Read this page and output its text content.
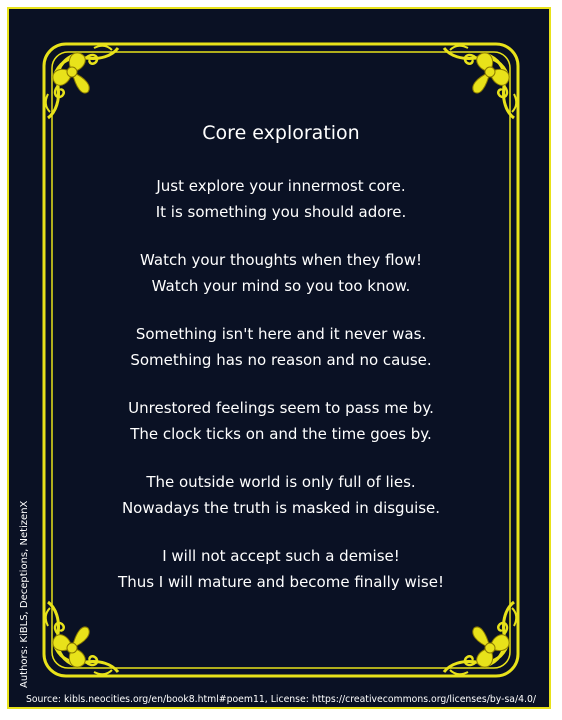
Core exploration
Just explore your innermost core.
It is something you should adore.
Watch your thoughts when they flow!
Watch your mind so you too know.
Something isn't here and it never was.
Something has no reason and no cause.
Unrestored feelings seem to pass me by.
The clock ticks on and the time goes by.
The outside world is only full of lies.
Nowadays the truth is masked in disguise.
I will not accept such a demise!
Thus I will mature and become finally wise!
Authors: KiBLS, Deceptions, NetizenX
Source: kibls.neocities.org/en/book8.html#poem11, License: https://creativecommons.org/licenses/by-sa/4.0/
